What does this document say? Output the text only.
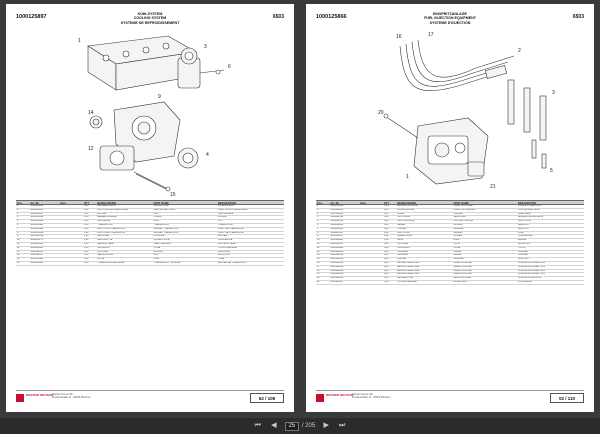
1000125897	KÜHLSYSTEM
COOLING SYSTEM
SYSTEME DE REFROIDISSEMENT
6503
1
3
6
14
9
4
12
15
Pos.	Art.-Nr.	Anm.	QTY	BEZEICHNUNG	PART NAME	DESIGNATION
1	1000125896	1,00	WASSERPUMPE	WATER PUMP	POMPE A EAU
2	1000011898	1,00	DICHTUNG WASSERPUMPE	SEAL WATER PUMP	JOINT DE LA POMPE A EAU
3	1000112111	1,00	LÜFTER	FAN	VENTILATEUR
4	1000155014	1,00	RIEMENSCHEIBE	PULLEY	POULIE
5	1000121913	1,00	SCHRAUBE	BOLT	VIS
6	1000121920	1,00	THERMOSTAT	THERMOSTAT	THERMOSTAT
7	1000056185	1,00	DICHTUNG THERMOSTAT	GASKET THERMOSTAT	JOINT DE THERMOSTAT
8	1000174868	1,00	DICHTUNG THERMOSTAT	GASKET THERMOSTAT	JOINT DE THERMOSTAT
9	1000121899	1,00	GEHÄUSE	HOUSING	BOITIER
10	1000061171	1,00	DECKPLATTE	COVER PLATE	COUVERCLE
11	1000041381	1,00	SENSOR TEMP.	TEMP. SENSOR	CAPTEUR TEMP.
12	1000012801	1,00	SCHLAUCH	HOSE	TUYAU FLEXIBLE
13	1000119356	1,00	STUTZEN	SOCKET	RACCORD
14	1000119357	1,00	VERSCHLUSS	CAP	BOUCHON
15	1000117406	1,00	ROHR	PIPE	TUBE
16	1000116380	1,00	THERMOSTATGEHÄUSE	THERMOSTAT HOUSING	BOITIER DE THERMOSTAT
WACKER NEUSON
Wacker Neuson SE
Preußenstraße 41 · 80809 München	62 / 108
1000125866	EINSPRITZANLAGE
FUEL INJECTION EQUIPMENT
SYSTEME D'INJECTION
6503
16	17
2
3
20
1
5
21
Pos.	Art.-Nr.	Anm.	QTY	BEZEICHNUNG	PART NAME	DESIGNATION
1	1000171286	1,00	EINSPRITZPUMPE	INJECTION PUMP	POMPE D'INJECTION
2	1000126865	1,00	DÜSENHALTER	INJECTOR NOZZLE	PORTE-INJECTEUR
3	1000120904	1,00	DÜSE	NOZZLE	INJECTEUR
4	1000084513	1,00	DICHTRING	SEAL RING	BAGUE D'ETANCHEITE
5	1000084516	1,00	SCHUTZKAPPE	PROTECTIVE CAP	CAPUCHON
6	1000082003	1,00	FEDER	SPRING	RESSORT
7	1000082004	1,00	HALTER	BRACKET	SUPPORT
8	1000083111	1,00	DICHTUNG	GASKET	JOINT
9	1000120897	1,00	ABDECKUNG	COVER	COUVERCLE
10	1000120905	1,00	RING	RING	BAGUE
11	1000084517	1,00	STOPFEN	PLUG	BOUCHON
12	1000120908	1,00	SCHLAUCH	HOSE	TUYAU
13	1000120909	1,00	SCHELLE	CLAMP	COLLIER
14	1000120910	1,00	SCHELLE	CLAMP	COLLIER
15	1000120911	1,00	HALTER	BRACKET	SUPPORT
16	1000120912	1,00	EINSPRITZLEITUNG	INJECTION LINE	CONDUITE D'INJECTION
17	1000120913	1,00	EINSPRITZLEITUNG	INJECTION LINE	CONDUITE D'INJECTION
18	1000120914	1,00	EINSPRITZLEITUNG	INJECTION LINE	CONDUITE D'INJECTION
19	1000120915	1,00	EINSPRITZLEITUNG	INJECTION LINE	CONDUITE D'INJECTION
20	1000120916	1,00	LECKLEITUNG	LEAK-OFF LINE	CONDUITE DE FUITE
21	1000120917	1,00	HOHLSCHRAUBE	BANJO BOLT	VIS CREUSE
WACKER NEUSON
Wacker Neuson SE
Preußenstraße 41 · 80809 München	02 / 110
⏮	◀
25	/ 205	▶	⏭
